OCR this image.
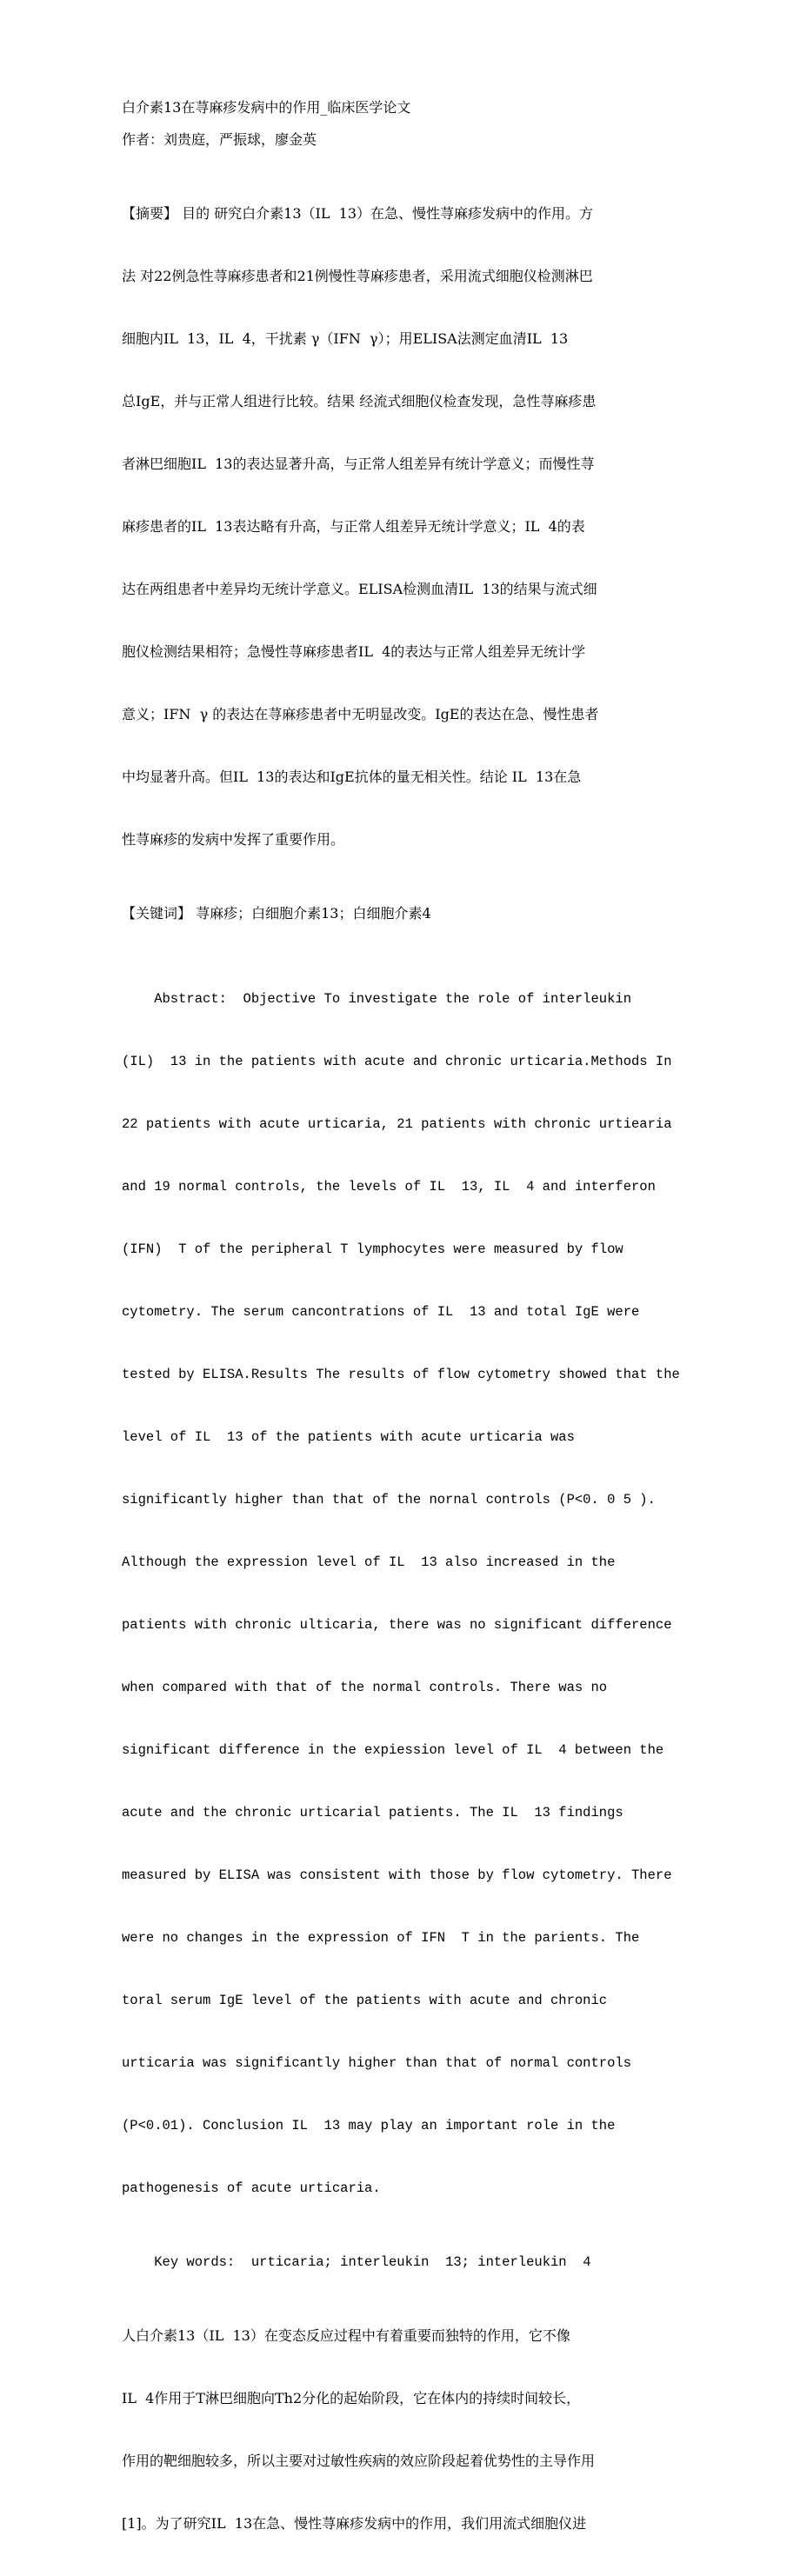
白介素13在荨麻疹发病中的作用_临床医学论文

作者：刘贵庭，严振球，廖金英

【摘要】 目的 研究白介素13（IL  13）在急、慢性荨麻疹发病中的作用。方

法 对22例急性荨麻疹患者和21例慢性荨麻疹患者，采用流式细胞仪检测淋巴

细胞内IL  13，IL  4，干扰素 γ（IFN  γ）；用ELISA法测定血清IL  13

总IgE，并与正常人组进行比较。结果 经流式细胞仪检查发现，急性荨麻疹患

者淋巴细胞IL  13的表达显著升高，与正常人组差异有统计学意义；而慢性荨

麻疹患者的IL  13表达略有升高，与正常人组差异无统计学意义；IL  4的表

达在两组患者中差异均无统计学意义。ELISA检测血清IL  13的结果与流式细

胞仪检测结果相符；急慢性荨麻疹患者IL  4的表达与正常人组差异无统计学

意义；IFN  γ 的表达在荨麻疹患者中无明显改变。IgE的表达在急、慢性患者

中均显著升高。但IL  13的表达和IgE抗体的量无相关性。结论 IL  13在急

性荨麻疹的发病中发挥了重要作用。

【关键词】 荨麻疹；白细胞介素13；白细胞介素4

Abstract:  Objective To investigate the role of interleukin

(IL)  13 in the patients with acute and chronic urticaria.Methods In

22 patients with acute urticaria, 21 patients with chronic urtiearia

and 19 normal controls, the levels of IL  13, IL  4 and interferon

(IFN)  T of the peripheral T lymphocytes were measured by flow

cytometry. The serum cancontrations of IL  13 and total IgE were

tested by ELISA.Results The results of flow cytometry showed that the

level of IL  13 of the patients with acute urticaria was

significantly higher than that of the nornal controls (P<0. 0 5 ).

Although the expression level of IL  13 also increased in the

patients with chronic ulticaria, there was no significant difference

when compared with that of the normal controls. There was no

significant difference in the expiession level of IL  4 between the

acute and the chronic urticarial patients. The IL  13 findings

measured by ELISA was consistent with those by flow cytometry. There

were no changes in the expression of IFN  T in the parients. The

toral serum IgE level of the patients with acute and chronic

urticaria was significantly higher than that of normal controls

(P<0.01). Conclusion IL  13 may play an important role in the

pathogenesis of acute urticaria.

Key words:  urticaria; interleukin  13; interleukin  4

人白介素13（IL  13）在变态反应过程中有着重要而独特的作用，它不像

IL  4作用于T淋巴细胞向Th2分化的起始阶段，它在体内的持续时间较长，

作用的靶细胞较多，所以主要对过敏性疾病的效应阶段起着优势性的主导作用

[1]。为了研究IL  13在急、慢性荨麻疹发病中的作用，我们用流式细胞仪进
